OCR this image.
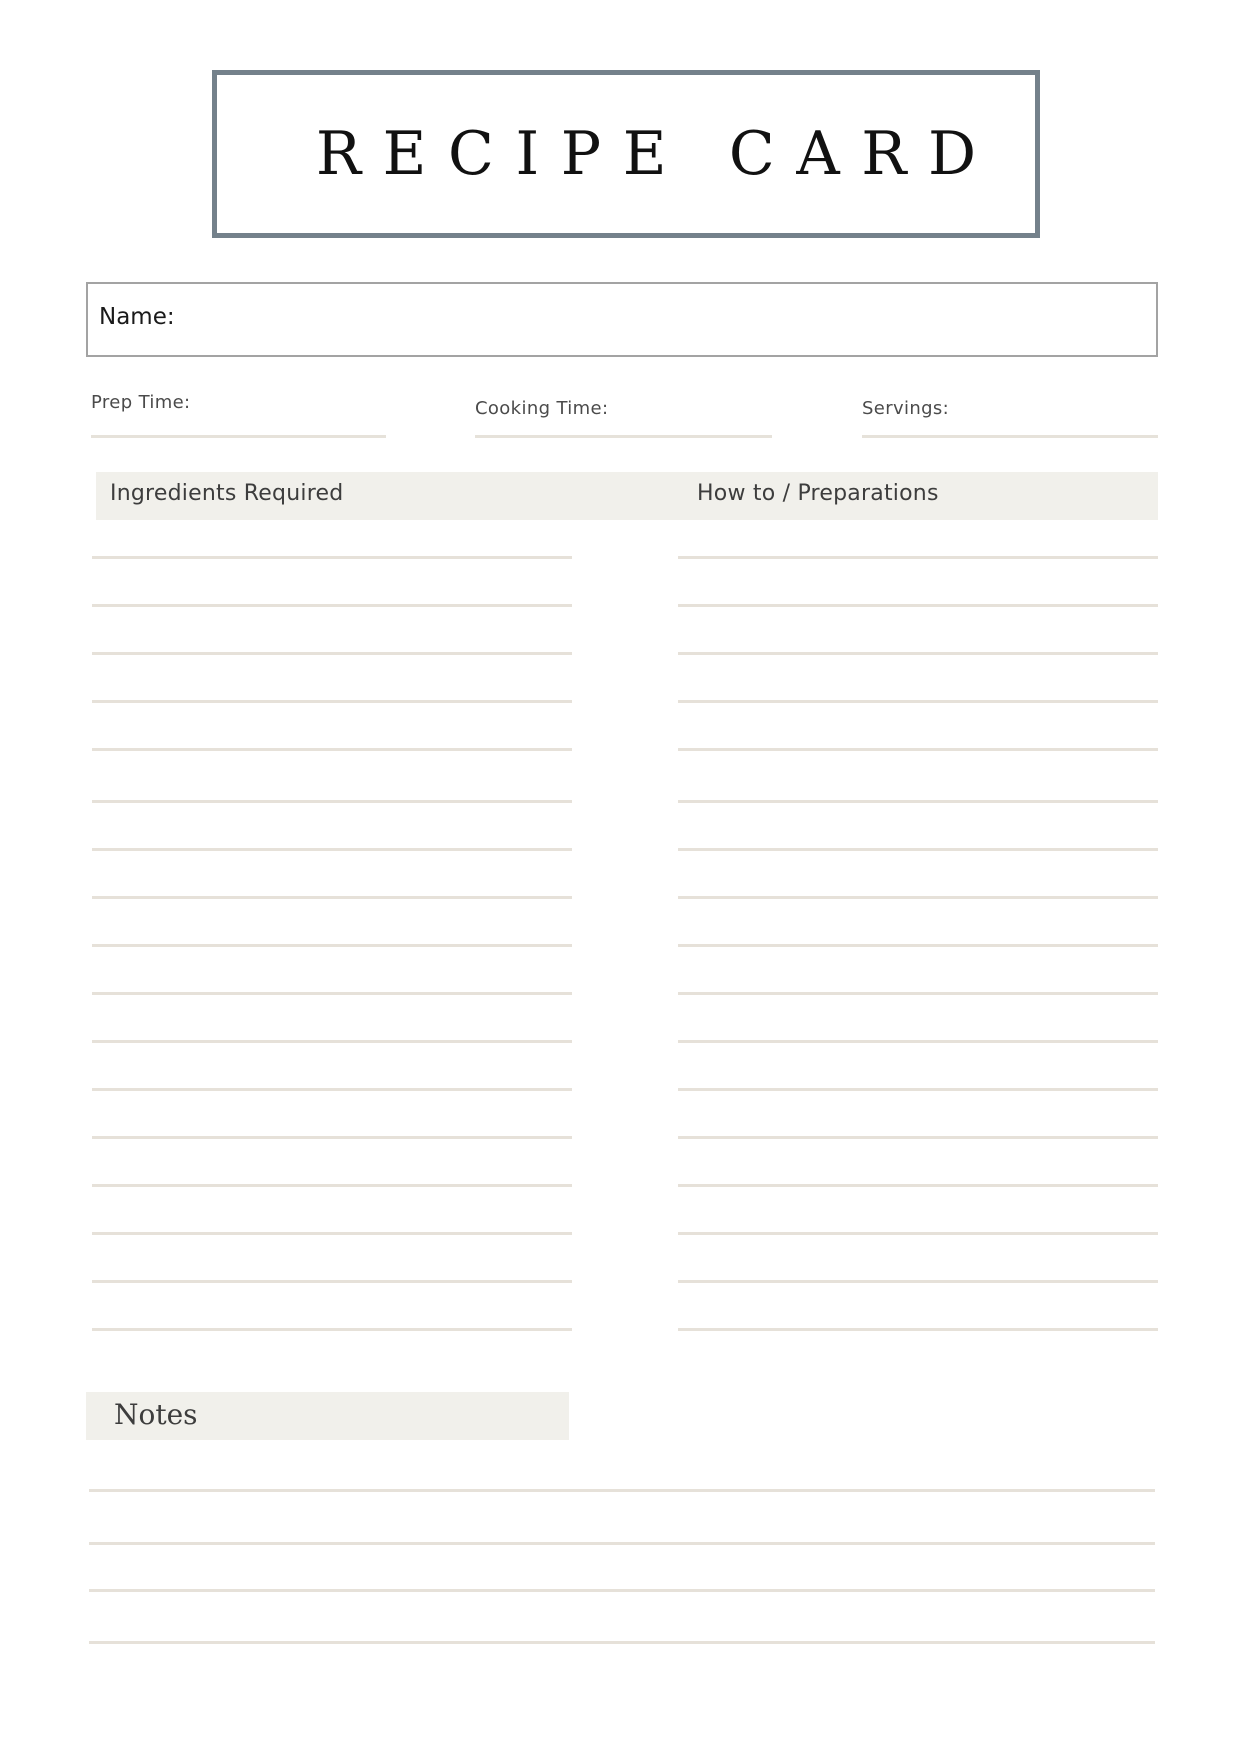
RECIPE CARD
Name:
Prep Time:	Cooking Time:	Servings:
Ingredients Required	How to / Preparations
Notes
